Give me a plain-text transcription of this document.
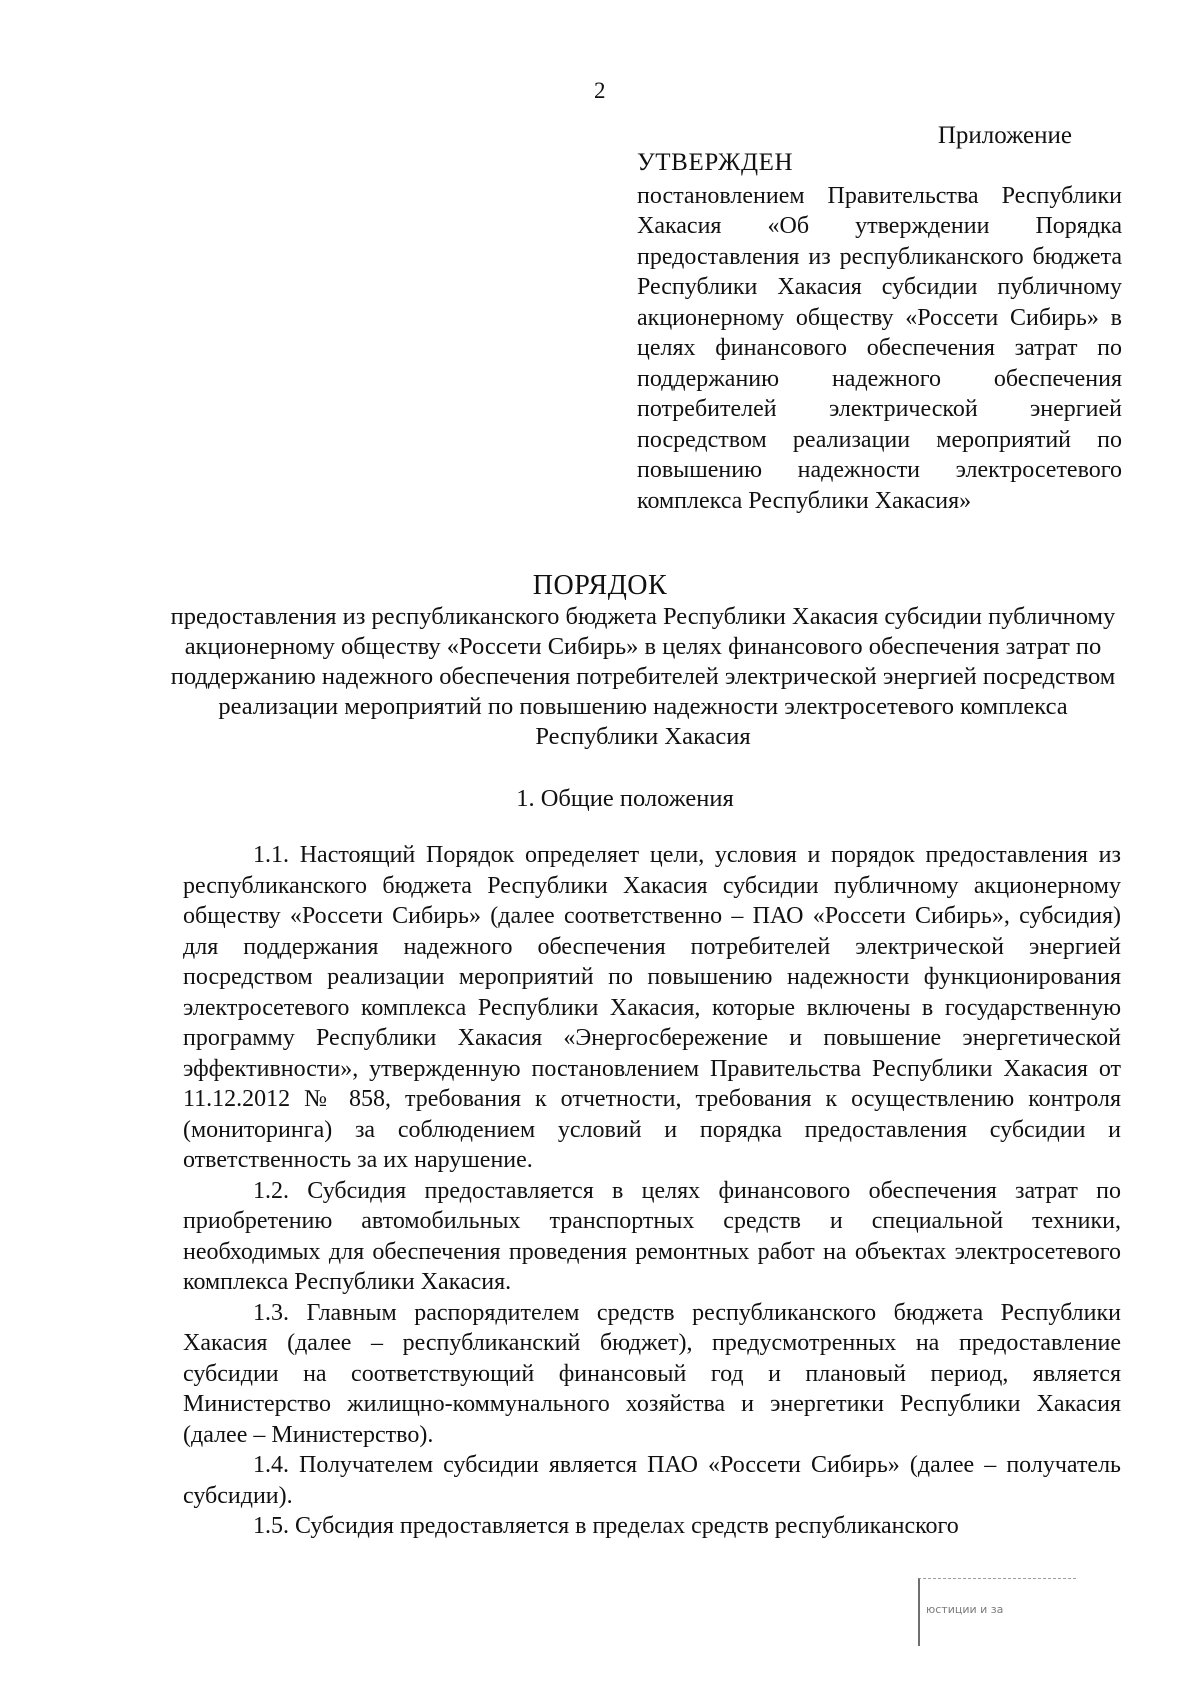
2
Приложение
УТВЕРЖДЕН
постановлением Правительства Республики Хакасия «Об утверждении Порядка предоставления из республиканского бюджета Республики Хакасия субсидии публичному акционерному обществу «Россети Сибирь» в целях финансового обеспечения затрат по поддержанию надежного обеспечения потребителей электрической энергией посредством реализации мероприятий по повышению надежности электросетевого комплекса Республики Хакасия»
ПОРЯДОК
предоставления из республиканского бюджета Республики Хакасия субсидии публичному акционерному обществу «Россети Сибирь» в целях финансового обеспечения затрат по поддержанию надежного обеспечения потребителей электрической энергией посредством реализации мероприятий по повышению надежности электросетевого комплекса Республики Хакасия
1. Общие положения

1.1. Настоящий Порядок определяет цели, условия и порядок предоставления из республиканского бюджета Республики Хакасия субсидии публичному акционерному обществу «Россети Сибирь» (далее соответственно – ПАО «Россети Сибирь», субсидия) для поддержания надежного обеспечения потребителей электрической энергией посредством реализации мероприятий по повышению надежности функционирования электросетевого комплекса Республики Хакасия, которые включены в государственную программу Республики Хакасия «Энергосбережение и повышение энергетической эффективности», утвержденную постановлением Правительства Республики Хакасия от 11.12.2012 № 858, требования к отчетности, требования к осуществлению контроля (мониторинга) за соблюдением условий и порядка предоставления субсидии и ответственность за их нарушение.

1.2. Субсидия предоставляется в целях финансового обеспечения затрат по приобретению автомобильных транспортных средств и специальной техники, необходимых для обеспечения проведения ремонтных работ на объектах электросетевого комплекса Республики Хакасия.

1.3. Главным распорядителем средств республиканского бюджета Республики Хакасия (далее – республиканский бюджет), предусмотренных на предоставление субсидии на соответствующий финансовый год и плановый период, является Министерство жилищно-коммунального хозяйства и энергетики Республики Хакасия (далее – Министерство).

1.4. Получателем субсидии является ПАО «Россети Сибирь» (далее – получатель субсидии).

1.5. Субсидия предоставляется в пределах средств республиканского

юстиции и за
